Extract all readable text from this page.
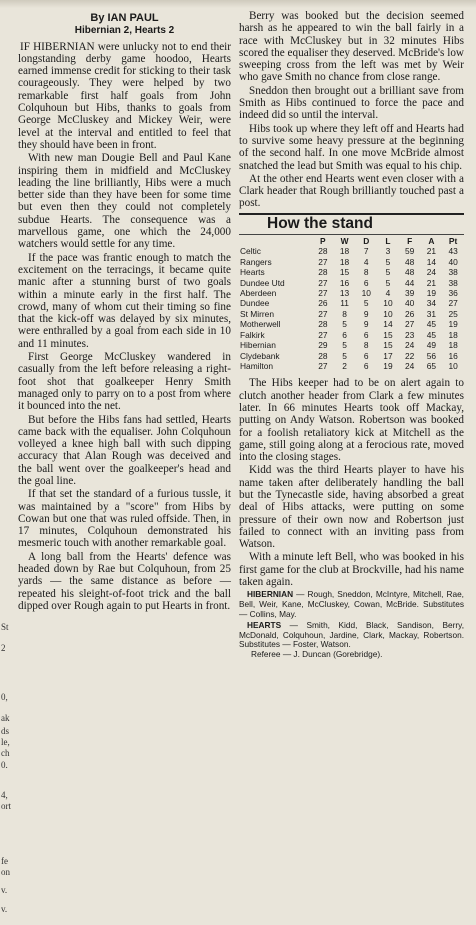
St
2
0,
ak
ds
le,
ch
0.
4,
ort
fe
on
v.
v.
By IAN PAUL
Hibernian 2, Hearts 2

IF HIBERNIAN were unlucky not to end their longstanding derby game hoodoo, Hearts earned immense credit for sticking to their task courageously. They were helped by two remarkable first half goals from John Colquhoun but Hibs, thanks to goals from George McCluskey and Mickey Weir, were level at the interval and entitled to feel that they should have been in front.

With new man Dougie Bell and Paul Kane inspiring them in midfield and McCluskey leading the line brilliantly, Hibs were a much better side than they have been for some time but even then they could not completely subdue Hearts. The consequence was a marvellous game, one which the 24,000 watchers would settle for any time.

If the pace was frantic enough to match the excitement on the terracings, it became quite manic after a stunning burst of two goals within a minute early in the first half. The crowd, many of whom cut their timing so fine that the kick-off was delayed by six minutes, were enthralled by a goal from each side in 10 and 11 minutes.

First George McCluskey wandered in casually from the left before releasing a right-foot shot that goalkeeper Henry Smith managed only to parry on to a post from where it bounced into the net.

But before the Hibs fans had settled, Hearts came back with the equaliser. John Colquhoun volleyed a knee high ball with such dipping accuracy that Alan Rough was deceived and the ball went over the goalkeeper's head and the goal line.

If that set the standard of a furious tussle, it was maintained by a "score" from Hibs by Cowan but one that was ruled offside. Then, in 17 minutes, Colquhoun demonstrated his mesmeric touch with another remarkable goal.

A long ball from the Hearts' defence was headed down by Rae but Colquhoun, from 25 yards — the same distance as before — repeated his sleight-of-foot trick and the ball dipped over Rough again to put Hearts in front.

Berry was booked but the decision seemed harsh as he appeared to win the ball fairly in a race with McCluskey but in 32 minutes Hibs scored the equaliser they deserved. McBride's low sweeping cross from the left was met by Weir who gave Smith no chance from close range.

Sneddon then brought out a brilliant save from Smith as Hibs continued to force the pace and indeed did so until the interval.

Hibs took up where they left off and Hearts had to survive some heavy pressure at the beginning of the second half. In one move McBride almost snatched the lead but Smith was equal to his chip.

At the other end Hearts went even closer with a Clark header that Rough brilliantly touched past a post.

How the stand
	P	W	D	L	F	A	Pt
Celtic	28	18	7	3	59	21	43
Rangers	27	18	4	5	48	14	40
Hearts	28	15	8	5	48	24	38
Dundee Utd	27	16	6	5	44	21	38
Aberdeen	27	13	10	4	39	19	36
Dundee	26	11	5	10	40	34	27
St Mirren	27	8	9	10	26	31	25
Motherwell	28	5	9	14	27	45	19
Falkirk	27	6	6	15	23	45	18
Hibernian	29	5	8	15	24	49	18
Clydebank	28	5	6	17	22	56	16
Hamilton	27	2	6	19	24	65	10

The Hibs keeper had to be on alert again to clutch another header from Clark a few minutes later. In 66 minutes Hearts took off Mackay, putting on Andy Watson. Robertson was booked for a foolish retaliatory kick at Mitchell as the game, still going along at a ferocious rate, moved into the closing stages.

Kidd was the third Hearts player to have his name taken after deliberately handling the ball but the Tynecastle side, having absorbed a great deal of Hibs attacks, were putting on some pressure of their own now and Robertson just failed to connect with an inviting pass from Watson.

With a minute left Bell, who was booked in his first game for the club at Brockville, had his name taken again.

HIBERNIAN — Rough, Sneddon, McIntyre, Mitchell, Rae, Bell, Weir, Kane, McCluskey, Cowan, McBride. Substitutes — Collins, May.
HEARTS — Smith, Kidd, Black, Sandison, Berry, McDonald, Colquhoun, Jardine, Clark, Mackay, Robertson. Substitutes — Foster, Watson.
Referee — J. Duncan (Gorebridge).
